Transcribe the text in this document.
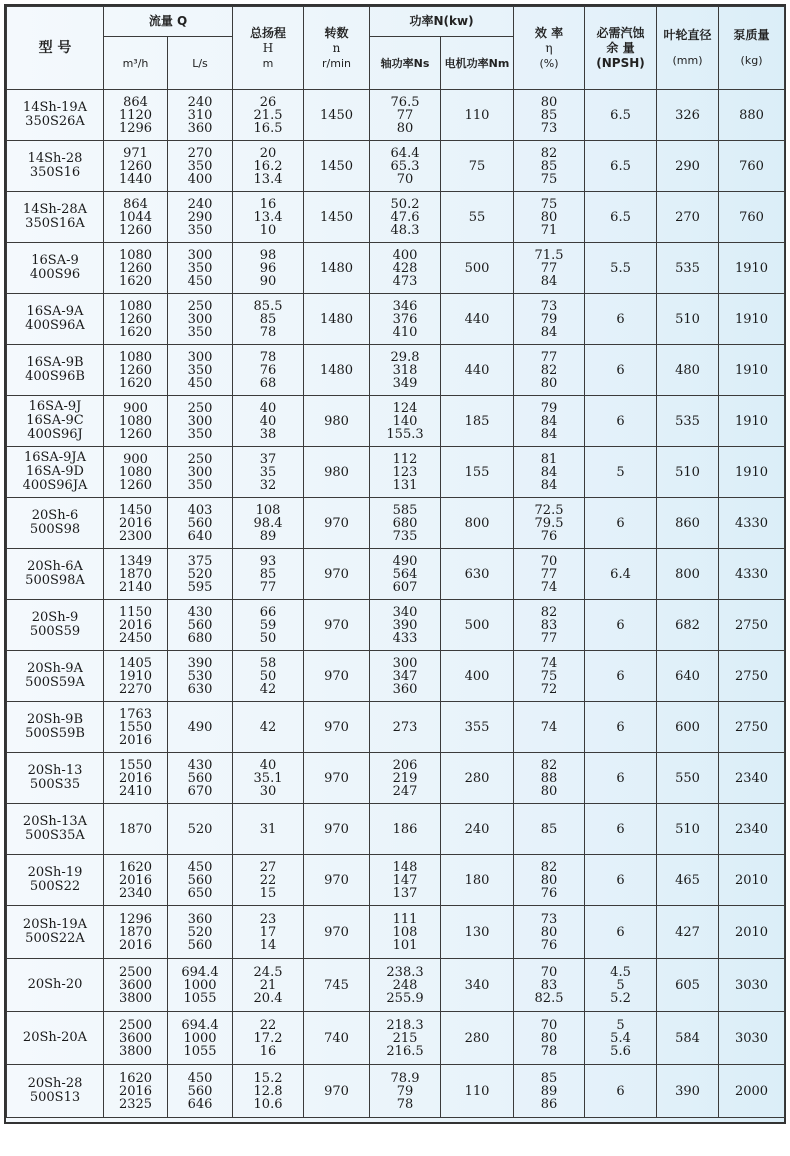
型 号	流量 Q		总扬程
H
m	转数
n
r/min	功率N(kw)		效 率
η
(%)	必需汽蚀
余 量
(NPSH)	叶轮直径
(mm)	泵质量
(kg)

	m³/h	L/s			轴功率Ns	电机功率Nm				

14Sh-19A
350S26A	864
1120
1296	240
310
360	26
21.5
16.5	1450	76.5
77
80	110	80
85
73	6.5	326	880

14Sh-28
350S16	971
1260
1440	270
350
400	20
16.2
13.4	1450	64.4
65.3
70	75	82
85
75	6.5	290	760

14Sh-28A
350S16A	864
1044
1260	240
290
350	16
13.4
10	1450	50.2
47.6
48.3	55	75
80
71	6.5	270	760

16SA-9
400S96	1080
1260
1620	300
350
450	98
96
90	1480	400
428
473	500	71.5
77
84	5.5	535	1910

16SA-9A
400S96A	1080
1260
1620	250
300
350	85.5
85
78	1480	346
376
410	440	73
79
84	6	510	1910

16SA-9B
400S96B	1080
1260
1620	300
350
450	78
76
68	1480	29.8
318
349	440	77
82
80	6	480	1910

16SA-9J
16SA-9C
400S96J	900
1080
1260	250
300
350	40
40
38	980	124
140
155.3	185	79
84
84	6	535	1910

16SA-9JA
16SA-9D
400S96JA	900
1080
1260	250
300
350	37
35
32	980	112
123
131	155	81
84
84	5	510	1910

20Sh-6
500S98	1450
2016
2300	403
560
640	108
98.4
89	970	585
680
735	800	72.5
79.5
76	6	860	4330

20Sh-6A
500S98A	1349
1870
2140	375
520
595	93
85
77	970	490
564
607	630	70
77
74	6.4	800	4330

20Sh-9
500S59	1150
2016
2450	430
560
680	66
59
50	970	340
390
433	500	82
83
77	6	682	2750

20Sh-9A
500S59A	1405
1910
2270	390
530
630	58
50
42	970	300
347
360	400	74
75
72	6	640	2750

20Sh-9B
500S59B	1763
1550
2016	490	42	970	273	355	74	6	600	2750

20Sh-13
500S35	1550
2016
2410	430
560
670	40
35.1
30	970	206
219
247	280	82
88
80	6	550	2340

20Sh-13A
500S35A	1870	520	31	970	186	240	85	6	510	2340

20Sh-19
500S22	1620
2016
2340	450
560
650	27
22
15	970	148
147
137	180	82
80
76	6	465	2010

20Sh-19A
500S22A	1296
1870
2016	360
520
560	23
17
14	970	111
108
101	130	73
80
76	6	427	2010

20Sh-20	2500
3600
3800	694.4
1000
1055	24.5
21
20.4	745	238.3
248
255.9	340	70
83
82.5	4.5
5
5.2	605	3030

20Sh-20A	2500
3600
3800	694.4
1000
1055	22
17.2
16	740	218.3
215
216.5	280	70
80
78	5
5.4
5.6	584	3030

20Sh-28
500S13	1620
2016
2325	450
560
646	15.2
12.8
10.6	970	78.9
79
78	110	85
89
86	6	390	2000
